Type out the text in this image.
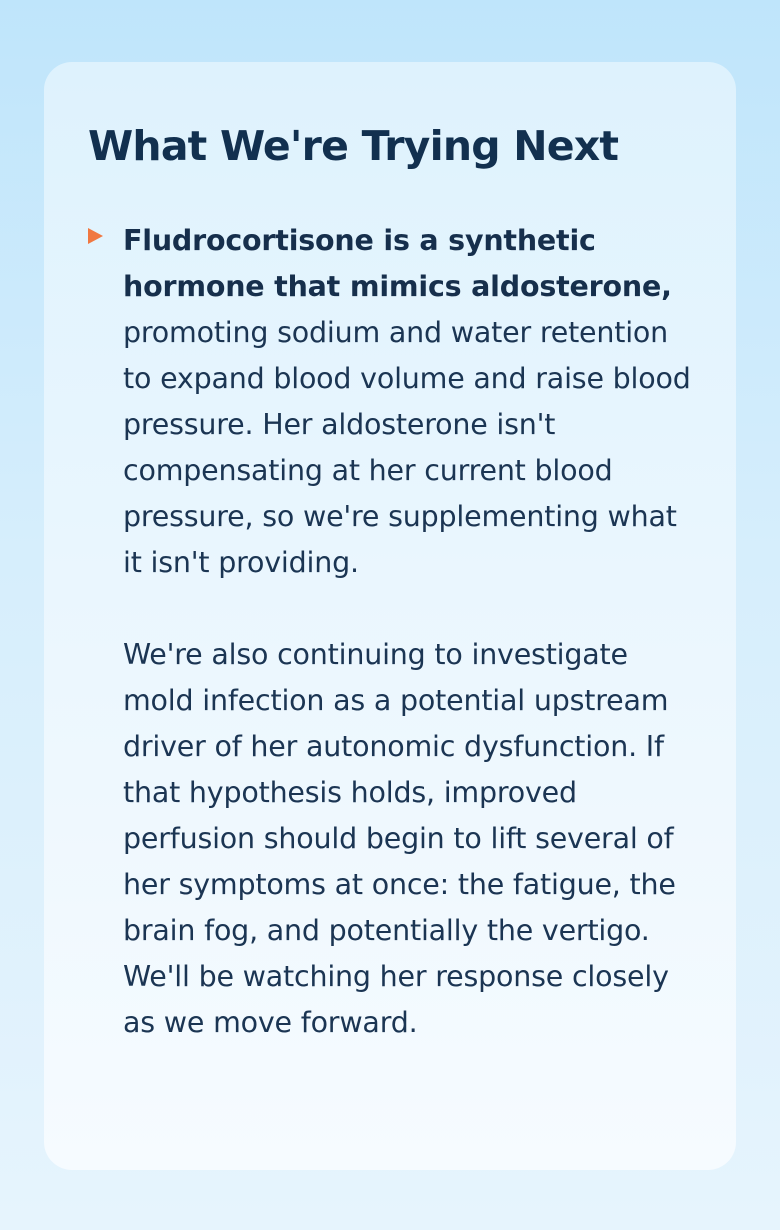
What We're Trying Next

Fludrocortisone is a synthetic hormone that mimics aldosterone, promoting sodium and water retention to expand blood volume and raise blood pressure. Her aldosterone isn't compensating at her current blood pressure, so we're supplementing what it isn't providing.

We're also continuing to investigate mold infection as a potential upstream driver of her autonomic dysfunction. If that hypothesis holds, improved perfusion should begin to lift several of her symptoms at once: the fatigue, the brain fog, and potentially the vertigo. We'll be watching her response closely as we move forward.
